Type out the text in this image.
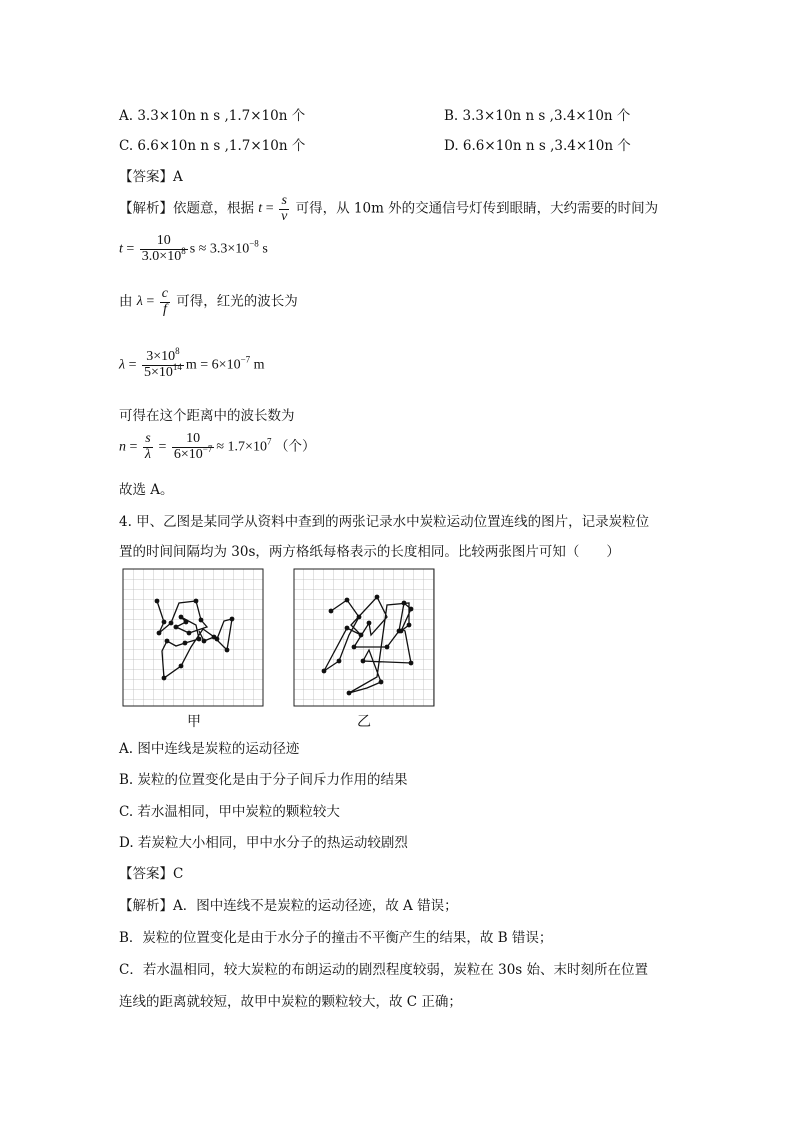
A. 3.3×10n n s ,1.7×10n 个	B. 3.3×10n n s ,3.4×10n 个
C. 6.6×10n n s ,1.7×10n 个	D. 6.6×10n n s ,3.4×10n 个
【答案】A
【解析】依题意，根据 $t = \frac{s}{v}$ 可得，从 10m 外的交通信号灯传到眼睛，大约需要的时间为
$t = \frac{10}{3.0\times 10^8}$ $s \approx 3.3\times 10^{-8}$ s
由 $\lambda = \frac{c}{f}$ 可得，红光的波长为
$\lambda = \frac{3\times 10^8}{5\times 10^{14}}$ $m = 6\times 10^{-7}$ m
可得在这个距离中的波长数为
$n = \frac{s}{\lambda} = \frac{10}{6\times 10^{-7}} \approx 1.7\times 10^7$ （个）
故选 A。
4. 甲、乙图是某同学从资料中查到的两张记录水中炭粒运动位置连线的图片，记录炭粒位
置的时间间隔均为 30s，两方格纸每格表示的长度相同。比较两张图片可知（　　）
甲	乙
A. 图中连线是炭粒的运动径迹
B. 炭粒的位置变化是由于分子间斥力作用的结果
C. 若水温相同，甲中炭粒的颗粒较大
D. 若炭粒大小相同，甲中水分子的热运动较剧烈
【答案】C
【解析】A．图中连线不是炭粒的运动径迹，故 A 错误；
B．炭粒的位置变化是由于水分子的撞击不平衡产生的结果，故 B 错误；
C．若水温相同，较大炭粒的布朗运动的剧烈程度较弱，炭粒在 30s 始、末时刻所在位置
连线的距离就较短，故甲中炭粒的颗粒较大，故 C 正确；
